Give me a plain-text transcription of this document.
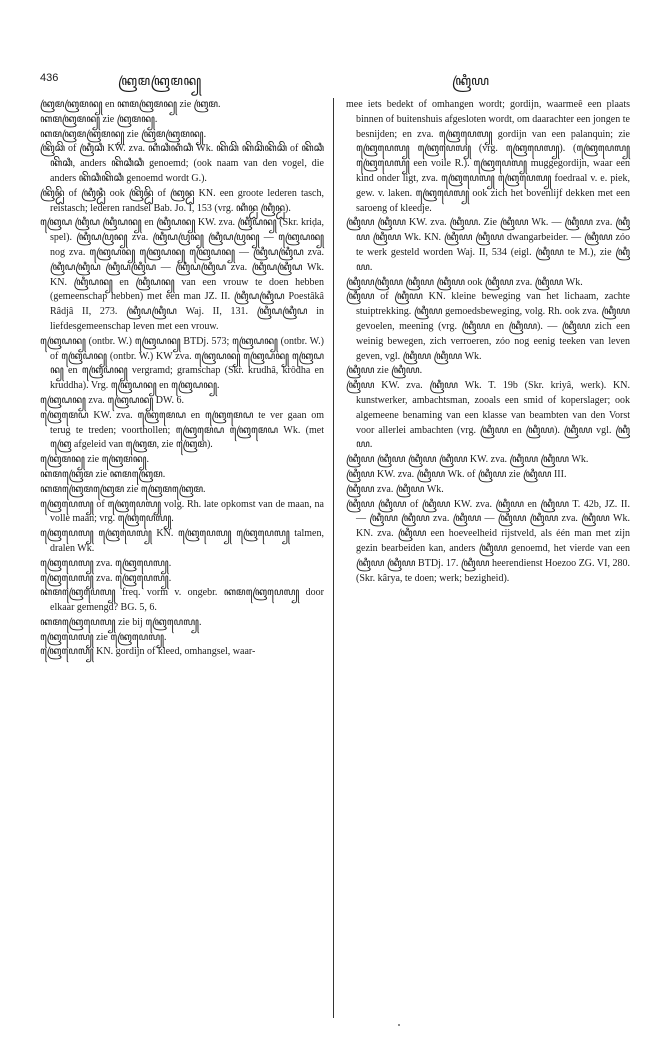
436	ꦏꦿꦩꦏꦿꦩꦤ꧀	ꦏꦿꦶꦪ

ꦏꦿꦩꦏꦿꦩꦤ꧀ en ꦏꦩꦏꦿꦩꦤ꧀ zie ꦏꦿꦩ.

ꦏꦩꦏꦿꦩꦤ꧀ zie ꦏꦿꦩꦤ꧀.

ꦏꦩꦏꦿꦩꦏꦿꦩꦤ꧀ zie ꦏꦿꦩꦏꦿꦩꦤ꧀.

ꦏꦿꦼꦕꦼ of ꦏꦿꦶꦕꦶ KW. zva. ꦏꦶꦕꦶꦏꦶꦕꦶ Wk. ꦏꦼꦕꦼ ꦏꦼꦕꦼꦏꦼꦕꦼ of ꦏꦼꦕꦶꦏꦼꦕꦶ, anders ꦏꦼꦕꦶꦕꦶ genoemd; (ook naam van den vogel, die anders ꦏꦼꦕꦶꦏꦼꦕꦶ genoemd wordt G.).

ꦏꦿꦼꦤ꧀ꦝꦼ of ꦏꦿꦶꦤ꧀ꦝꦶ ook ꦏꦿꦼꦤ꧀ꦝꦼ of ꦏꦿꦤ꧀ꦝ KN. een groote lederen tasch, reistasch; lederen randsel Bab. Jo. I, 153 (vrg. ꦏꦶꦤ꧀ꦝ ꦏꦿꦶꦤ꧀ꦝ).

ꦏꦿꦺꦝ ꦏꦿꦶꦝ ꦏꦿꦶꦝꦤ꧀ en ꦏꦿꦶꦝꦤ꧀ KW. zva. ꦏꦿꦶꦝꦤ꧀ (Skr. kriḍa, spel). ꦏꦿꦶꦝꦥꦿꦤ꧀ zva. ꦏꦿꦶꦝꦥꦿꦤ꧀ ꦏꦿꦶꦝꦥꦿꦤ꧀ — ꦏꦿꦺꦝꦤ꧀ nog zva. ꦏꦿꦺꦝꦤ꧀ ꦏꦿꦺꦝꦤ꧀ ꦏꦿꦺꦝꦤ꧀ — ꦏꦿꦶꦝꦏꦿꦶꦝ zva. ꦏꦿꦶꦝꦏꦿꦶꦝ ꦏꦿꦶꦝꦏꦿꦶꦝ — ꦏꦿꦶꦝꦏꦿꦶꦝ zva. ꦏꦿꦶꦝꦏꦿꦶꦝ Wk. KN. ꦏꦿꦶꦝꦤ꧀ en ꦏꦿꦶꦝꦤ꧀ van een vrouw te doen hebben (gemeenschap hebben) met een man JZ. II. ꦏꦿꦶꦝꦏꦿꦶꦝ Poestâkâ Râdjâ II, 273. ꦏꦿꦶꦝꦏꦿꦶꦝ Waj. II, 131. ꦏꦿꦶꦝꦏꦿꦶꦝ in liefdesgemeenschap leven met een vrouw.

ꦏꦿꦺꦝꦤ꧀ (ontbr. W.) ꦏꦿꦺꦝꦤ꧀ BTDj. 573; ꦏꦿꦺꦝꦤ꧀ (ontbr. W.) of ꦏꦿꦺꦝꦤ꧀ (ontbr. W.) KW zva. ꦏꦿꦺꦝꦤ꧀ ꦏꦿꦺꦝꦤ꧀ ꦏꦿꦺꦝꦤ꧀ en ꦏꦿꦺꦝꦤ꧀ vergramd; gramschap (Skr. krudhâ, krôdha en kruddha). Vrg. ꦏꦿꦺꦝꦤ꧀ en ꦏꦿꦺꦝꦤ꧀.

ꦏꦿꦺꦝꦤ꧀ zva. ꦏꦿꦺꦝꦤ꧀ DW. 6.

ꦏꦿꦺꦩꦺꦝ KW. zva. ꦏꦿꦺꦩꦺꦝ en ꦏꦿꦺꦩꦺꦝ te ver gaan om terug te treden; voorthollen; ꦏꦿꦺꦩꦺꦝ ꦏꦿꦺꦩꦺꦝ Wk. (met ꦏꦿꦺ afgeleid van ꦏꦿꦺꦩ, zie ꦏꦿꦺꦩ).

ꦏꦿꦺꦩꦤ꧀ zie ꦏꦿꦺꦩꦤ꧀.

ꦏꦩꦏꦿꦺꦩ zie ꦏꦩꦏꦿꦺꦩ.

ꦏꦩꦏꦿꦺꦩꦏꦿꦺꦩ zie ꦏꦿꦺꦩꦏꦿꦺꦩ.

ꦏꦿꦺꦥꦺꦭ꧀ of ꦏꦿꦺꦥꦺꦭ꧀ volg. Rh. late opkomst van de maan, na volle maan; vrg. ꦏꦿꦺꦥꦺꦭ꧀.

ꦏꦿꦺꦥꦺꦭ꧀ ꦏꦿꦺꦥꦺꦭ꧀ KN. ꦏꦿꦺꦥꦺꦭ꧀ ꦏꦿꦺꦥꦺꦭ꧀ talmen, dralen Wk.

ꦏꦿꦺꦥꦺꦭ꧀ zva. ꦏꦿꦺꦥꦺꦭ꧀.

ꦏꦿꦺꦥꦺꦭ꧀ zva. ꦏꦿꦺꦥꦺꦭ꧀.

ꦏꦩꦏꦿꦺꦥꦺꦭ꧀ freq. vorm v. ongebr. ꦏꦩꦏꦿꦺꦥꦺꦭ꧀ door elkaar gemengd? BG. 5, 6.

ꦏꦩꦏꦿꦺꦥꦺꦭ꧀ zie bij ꦏꦿꦺꦥꦺꦭ꧀.

ꦏꦿꦺꦥꦺꦭ꧀ zie ꦏꦿꦺꦥꦺꦭ꧀.

ꦏꦿꦺꦥꦺꦭ꧀ KN. gordijn of kleed, omhangsel, waar-

mee iets bedekt of omhangen wordt; gordijn, waarmeê een plaats binnen of buitenshuis afgesloten wordt, om daarachter een jongen te besnijden; en zva. ꦏꦿꦺꦥꦺꦭ꧀ gordijn van een palanquin; zie ꦏꦿꦺꦥꦺꦭ꧀ ꦏꦿꦺꦥꦺꦭ꧀ (vrg. ꦏꦿꦺꦥꦺꦭ꧀). (ꦏꦿꦺꦥꦺꦭ꧀ ꦏꦿꦺꦥꦺꦭ꧀ een voile R.). ꦏꦿꦺꦥꦺꦭ꧀ muggegordijn, waar een kind onder ligt, zva. ꦏꦿꦺꦥꦺꦭ꧀ ꦏꦿꦺꦥꦺꦭ꧀ foedraal v. e. piek, gew. v. laken. ꦏꦿꦺꦥꦺꦭ꧀ ook zich het bovenlijf dekken met een saroeng of kleedje.

ꦏꦿꦶꦪ ꦏꦿꦶꦪ KW. zva. ꦏꦿꦶꦪ. Zie ꦏꦿꦶꦪ Wk. — ꦏꦿꦶꦪ zva. ꦏꦿꦶꦪ ꦏꦿꦶꦪ Wk. KN. ꦏꦿꦶꦪ ꦏꦿꦶꦪ dwangarbeider. — ꦏꦿꦶꦪ zóo te werk gesteld worden Waj. II, 534 (eigl. ꦏꦿꦶꦪ te M.), zie ꦏꦿꦶꦪ.

ꦏꦿꦶꦪꦏꦿꦶꦪ ꦏꦿꦶꦪ ꦏꦿꦶꦪ ook ꦏꦿꦶꦪ zva. ꦏꦿꦶꦪ Wk.

ꦏꦿꦶꦪ of ꦏꦿꦶꦪ KN. kleine beweging van het lichaam, zachte stuiptrekking. ꦏꦿꦶꦪ gemoedsbeweging, volg. Rh. ook zva. ꦏꦿꦶꦪ gevoelen, meening (vrg. ꦏꦿꦶꦪ en ꦏꦿꦶꦪ). — ꦏꦿꦶꦪ zich een weinig bewegen, zich verroeren, zóo nog eenig teeken van leven geven, vgl. ꦏꦿꦶꦪ ꦏꦿꦶꦪ Wk.

ꦏꦿꦶꦪ zie ꦏꦿꦶꦪ.

ꦏꦿꦶꦪ KW. zva. ꦏꦿꦶꦪ Wk. T. 19b (Skr. kriyâ, werk). KN. kunstwerker, ambachtsman, zooals een smid of koperslager; ook algemeene benaming van een klasse van beambten van den Vorst voor allerlei ambachten (vrg. ꦏꦿꦶꦪ en ꦏꦿꦶꦪ). ꦏꦿꦶꦪ vgl. ꦏꦿꦶꦪ.

ꦏꦿꦶꦪ ꦏꦿꦶꦪ ꦏꦿꦶꦪ ꦏꦿꦶꦪ KW. zva. ꦏꦿꦶꦪ ꦏꦿꦶꦪ Wk.

ꦏꦿꦶꦪ KW. zva. ꦏꦿꦶꦪ Wk. of ꦏꦿꦶꦪ zie ꦏꦿꦶꦪ III.

ꦏꦿꦶꦪ zva. ꦏꦿꦶꦪ Wk.

ꦏꦿꦶꦪ ꦏꦿꦶꦪ of ꦏꦿꦶꦪ KW. zva. ꦏꦿꦶꦪ en ꦏꦿꦶꦪ T. 42b, JZ. II. — ꦏꦿꦶꦪ ꦏꦿꦶꦪ zva. ꦏꦿꦶꦪ — ꦏꦿꦶꦪ ꦏꦿꦶꦪ zva. ꦏꦿꦶꦪ Wk. KN. zva. ꦏꦿꦶꦪ een hoeveelheid rijstveld, als één man met zijn gezin bearbeiden kan, anders ꦏꦿꦶꦪ genoemd, het vierde van een ꦏꦿꦶꦪ ꦏꦿꦶꦪ BTDj. 17. ꦏꦿꦶꦪ heerendienst Hoezoo ZG. VI, 280. (Skr. kârya, te doen; werk; bezigheid).
